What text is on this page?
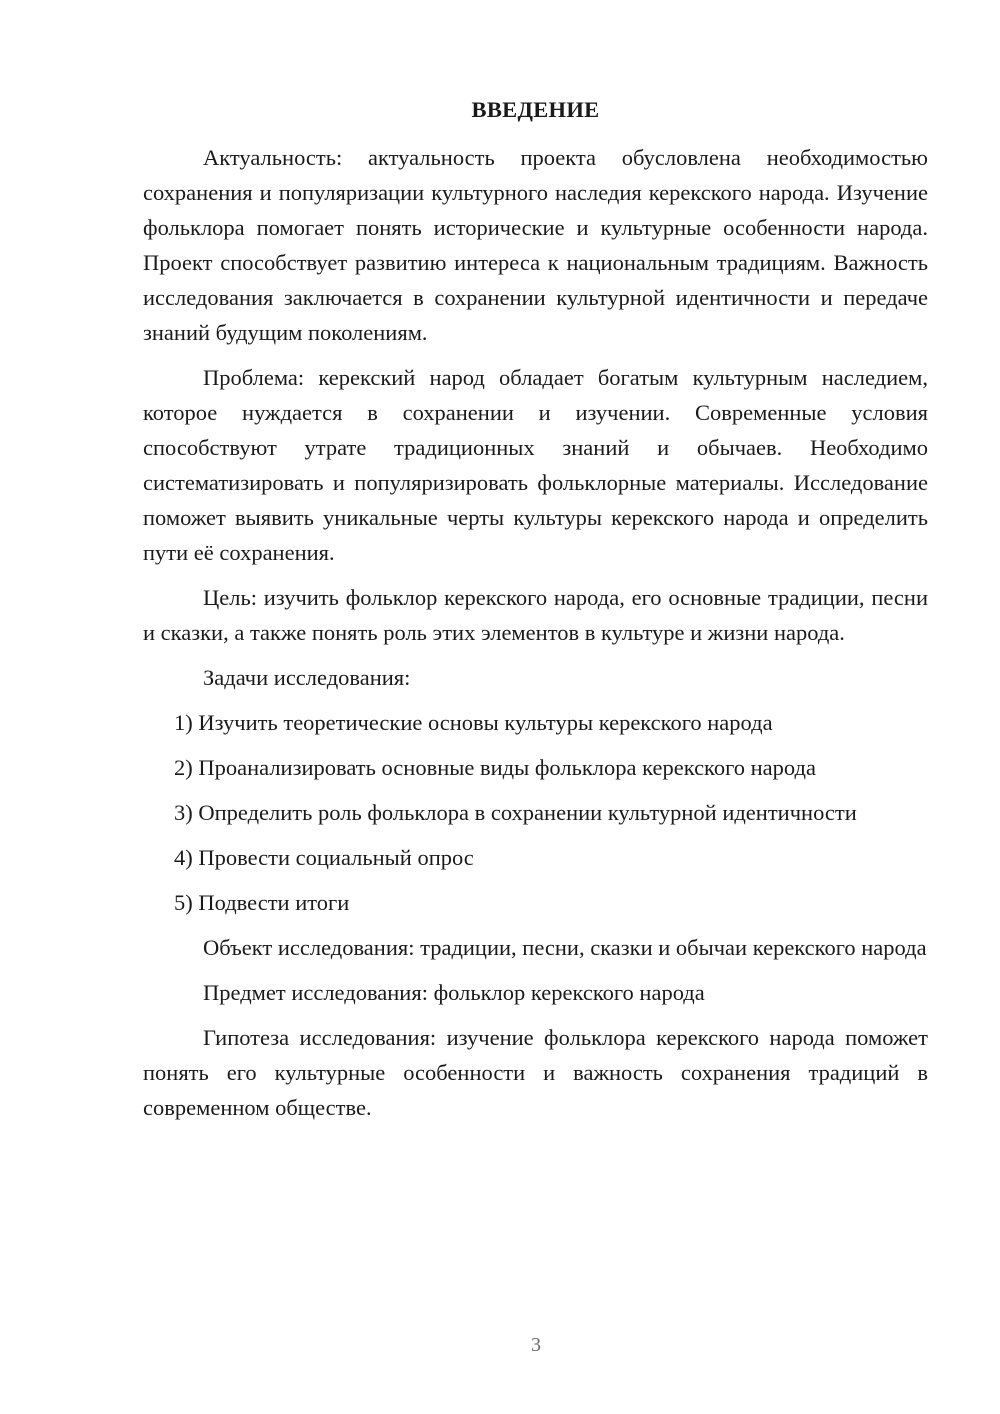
ВВЕДЕНИЕ

Актуальность: актуальность проекта обусловлена необходимостью сохранения и популяризации культурного наследия керекского народа. Изучение фольклора помогает понять исторические и культурные особенности народа. Проект способствует развитию интереса к национальным традициям. Важность исследования заключается в сохранении культурной идентичности и передаче знаний будущим поколениям.

Проблема: керекский народ обладает богатым культурным наследием, которое нуждается в сохранении и изучении. Современные условия способствуют утрате традиционных знаний и обычаев. Необходимо систематизировать и популяризировать фольклорные материалы. Исследование поможет выявить уникальные черты культуры керекского народа и определить пути её сохранения.

Цель: изучить фольклор керекского народа, его основные традиции, песни и сказки, а также понять роль этих элементов в культуре и жизни народа.

Задачи исследования:

1) Изучить теоретические основы культуры керекского народа

2) Проанализировать основные виды фольклора керекского народа

3) Определить роль фольклора в сохранении культурной идентичности

4) Провести социальный опрос

5) Подвести итоги

Объект исследования: традиции, песни, сказки и обычаи керекского народа

Предмет исследования: фольклор керекского народа

Гипотеза исследования: изучение фольклора керекского народа поможет понять его культурные особенности и важность сохранения традиций в современном обществе.

3
